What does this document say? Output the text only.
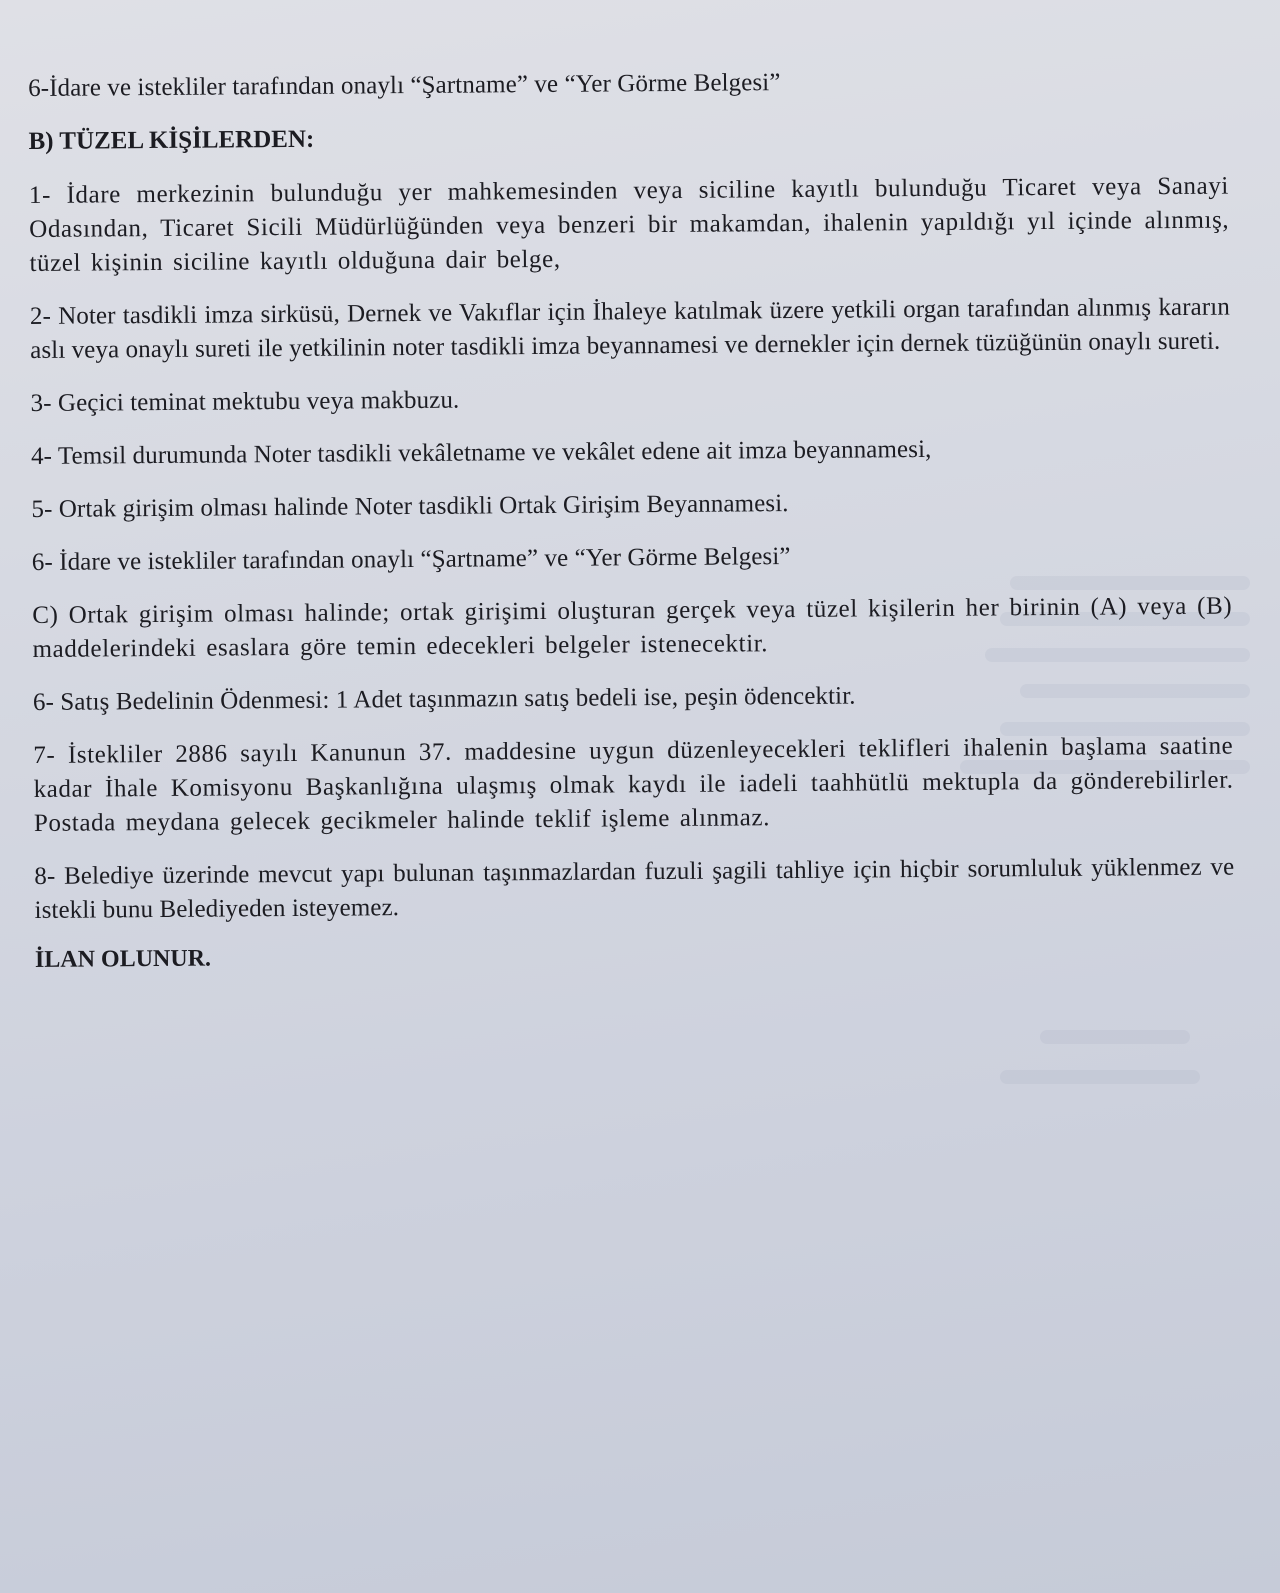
6-İdare ve istekliler tarafından onaylı “Şartname” ve “Yer Görme Belgesi”

B) TÜZEL KİŞİLERDEN:

1- İdare merkezinin bulunduğu yer mahkemesinden veya siciline kayıtlı bulunduğu Ticaret veya Sanayi Odasından, Ticaret Sicili Müdürlüğünden veya benzeri bir makamdan, ihalenin yapıldığı yıl içinde alınmış, tüzel kişinin siciline kayıtlı olduğuna dair belge,

2- Noter tasdikli imza sirküsü, Dernek ve Vakıflar için İhaleye katılmak üzere yetkili organ tarafından alınmış kararın aslı veya onaylı sureti ile yetkilinin noter tasdikli imza beyannamesi ve dernekler için dernek tüzüğünün onaylı sureti.

3- Geçici teminat mektubu veya makbuzu.

4- Temsil durumunda Noter tasdikli vekâletname ve vekâlet edene ait imza beyannamesi,

5- Ortak girişim olması halinde Noter tasdikli Ortak Girişim Beyannamesi.

6- İdare ve istekliler tarafından onaylı “Şartname” ve “Yer Görme Belgesi”

C) Ortak girişim olması halinde; ortak girişimi oluşturan gerçek veya tüzel kişilerin her birinin (A) veya (B) maddelerindeki esaslara göre temin edecekleri belgeler istenecektir.

6- Satış Bedelinin Ödenmesi: 1 Adet taşınmazın satış bedeli ise, peşin ödencektir.

7- İstekliler 2886 sayılı Kanunun 37. maddesine uygun düzenleyecekleri teklifleri ihalenin başlama saatine kadar İhale Komisyonu Başkanlığına ulaşmış olmak kaydı ile iadeli taahhütlü mektupla da gönderebilirler. Postada meydana gelecek gecikmeler halinde teklif işleme alınmaz.

8- Belediye üzerinde mevcut yapı bulunan taşınmazlardan fuzuli şagili tahliye için hiçbir sorumluluk yüklenmez ve istekli bunu Belediyeden isteyemez.

İLAN OLUNUR.
